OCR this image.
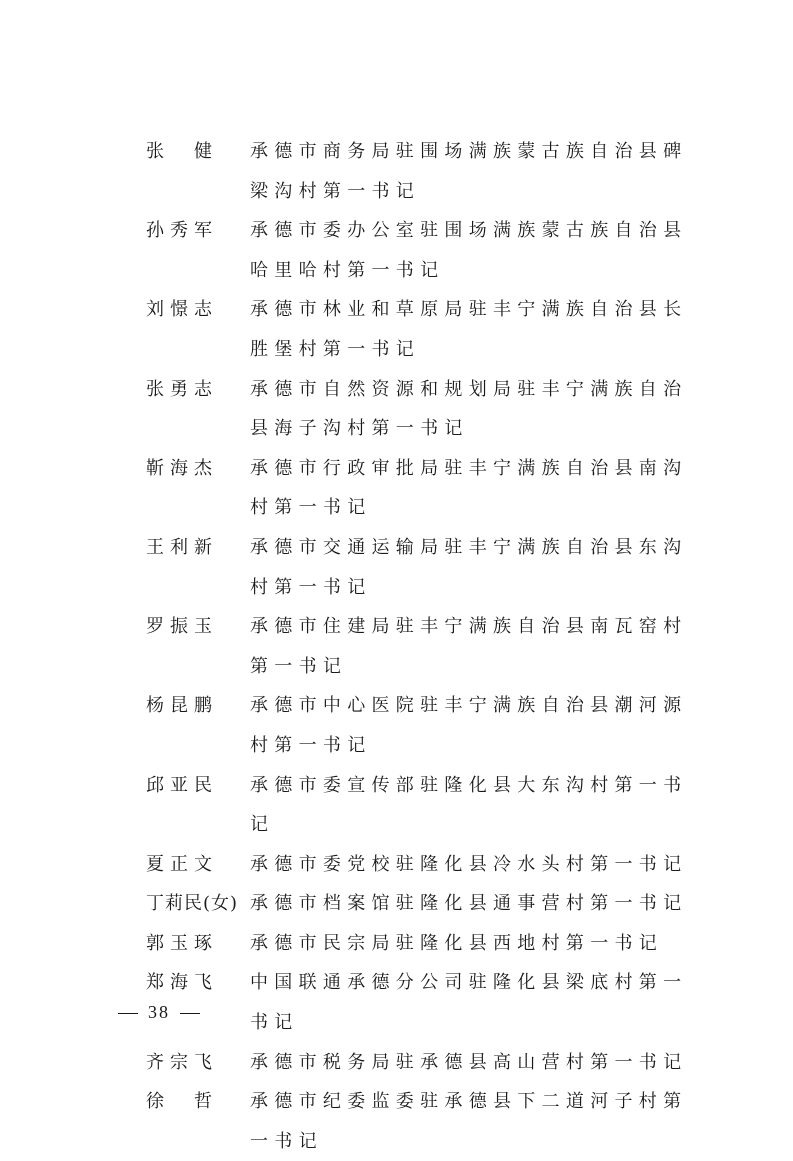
张　健	承德市商务局驻围场满族蒙古族自治县碑梁沟村第一书记
孙秀军	承德市委办公室驻围场满族蒙古族自治县哈里哈村第一书记
刘憬志	承德市林业和草原局驻丰宁满族自治县长胜堡村第一书记
张勇志	承德市自然资源和规划局驻丰宁满族自治县海子沟村第一书记
靳海杰	承德市行政审批局驻丰宁满族自治县南沟村第一书记
王利新	承德市交通运输局驻丰宁满族自治县东沟村第一书记
罗振玉	承德市住建局驻丰宁满族自治县南瓦窑村第一书记
杨昆鹏	承德市中心医院驻丰宁满族自治县潮河源村第一书记
邱亚民	承德市委宣传部驻隆化县大东沟村第一书记
夏正文	承德市委党校驻隆化县冷水头村第一书记
丁莉民(女) 承德市档案馆驻隆化县通事营村第一书记
郭玉琢	承德市民宗局驻隆化县西地村第一书记
郑海飞	中国联通承德分公司驻隆化县梁底村第一书记
齐宗飞	承德市税务局驻承德县高山营村第一书记
徐　哲	承德市纪委监委驻承德县下二道河子村第一书记
38
